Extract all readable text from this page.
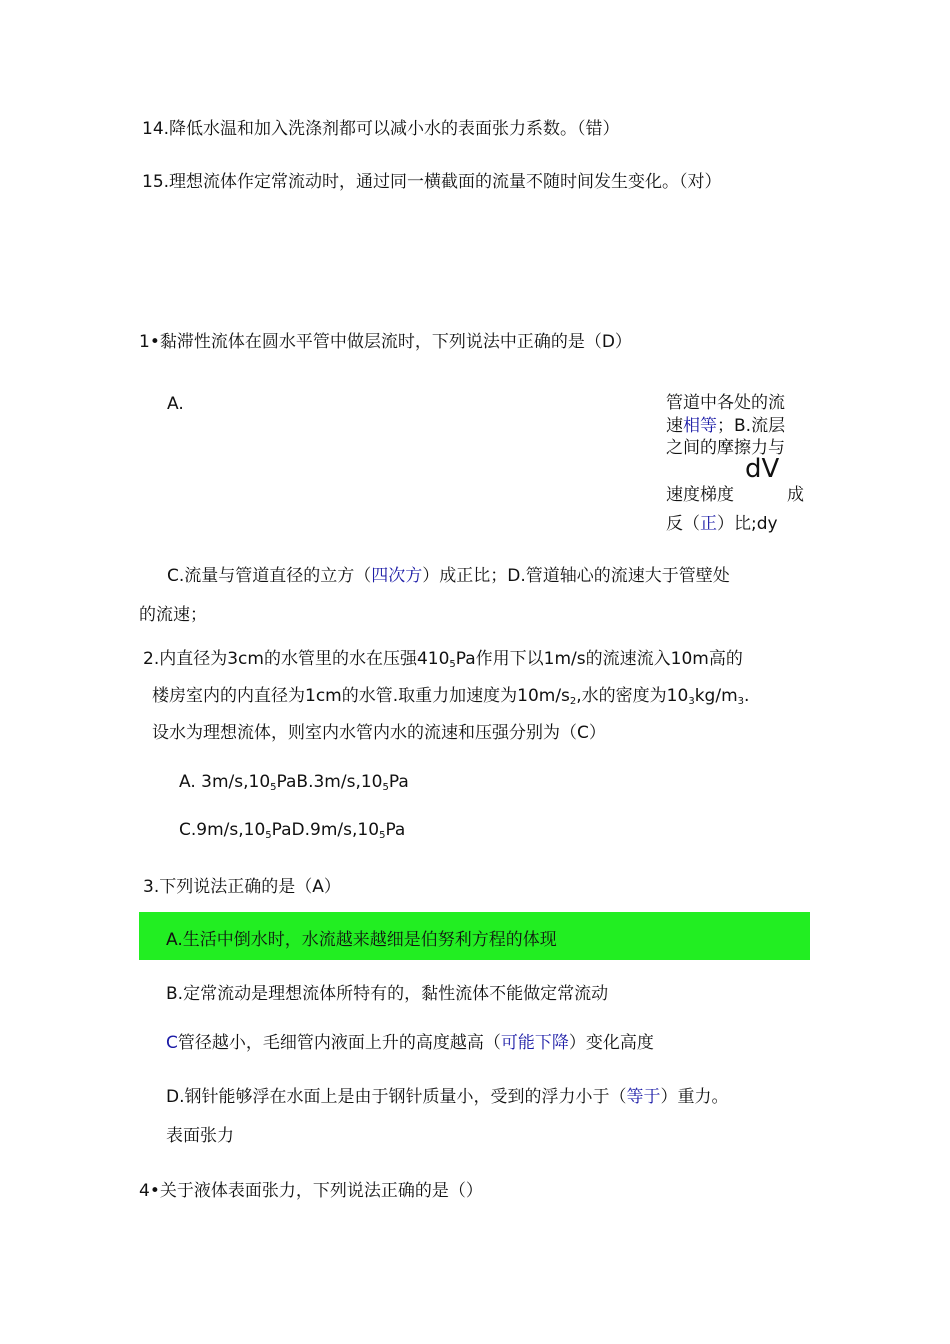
14.降低水温和加入洗涤剂都可以减小水的表面张力系数。（错）
15.理想流体作定常流动时，通过同一横截面的流量不随时间发生变化。（对）
1•黏滞性流体在圆水平管中做层流时，下列说法中正确的是（D）
A.	管道中各处的流
速相等；B.流层
之间的摩擦力与
dV
速度梯度	成
反（正）比;dy
C.流量与管道直径的立方（四次方）成正比；D.管道轴心的流速大于管壁处
的流速；
2.内直径为3cm的水管里的水在压强$410_5Pa$作用下以1m/s的流速流入10m高的
楼房室内的内直径为1cm的水管.取重力加速度为$10m/s_2$,水的密度为$10_3kg/m_3$.
设水为理想流体，则室内水管内水的流速和压强分别为（C）
A. $3m/s,10_5PaB.3m/s,10_5Pa$
$C.9m/s,10_5PaD.9m/s,10_5Pa$
3.下列说法正确的是（A）
A.生活中倒水时，水流越来越细是伯努利方程的体现
B.定常流动是理想流体所特有的，黏性流体不能做定常流动
C管径越小，毛细管内液面上升的高度越高（可能下降）变化高度
D.钢针能够浮在水面上是由于钢针质量小，受到的浮力小于（等于）重力。
表面张力
4•关于液体表面张力，下列说法正确的是（）
